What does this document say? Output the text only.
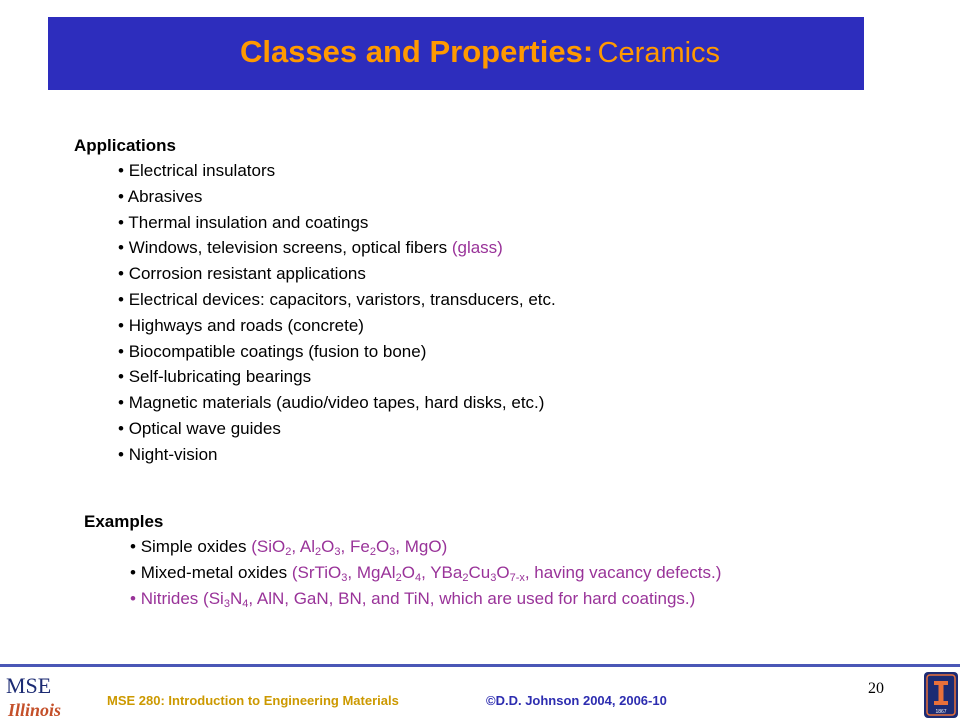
Classes and Properties: Ceramics
Applications
• Electrical insulators
• Abrasives
• Thermal insulation and coatings
• Windows, television screens, optical fibers (glass)
• Corrosion resistant applications
• Electrical devices: capacitors, varistors, transducers, etc.
• Highways and roads (concrete)
• Biocompatible coatings (fusion to bone)
• Self-lubricating bearings
• Magnetic materials (audio/video tapes, hard disks, etc.)
• Optical wave guides
• Night-vision
Examples
• Simple oxides (SiO$_2$, $Al_2O_3$, $Fe_2O_3$, MgO)
• Mixed-metal oxides (SrTiO$_3$, $MgAl_2O_4$, $YBa_2Cu_3O_{7-x}$, having vacancy defects.)
• Nitrides ($Si_3N_4$, AlN, GaN, BN, and TiN, which are used for hard coatings.)
MSE
Illinois	MSE 280: Introduction to Engineering Materials	©D.D. Johnson 2004, 2006-10
20
1867
